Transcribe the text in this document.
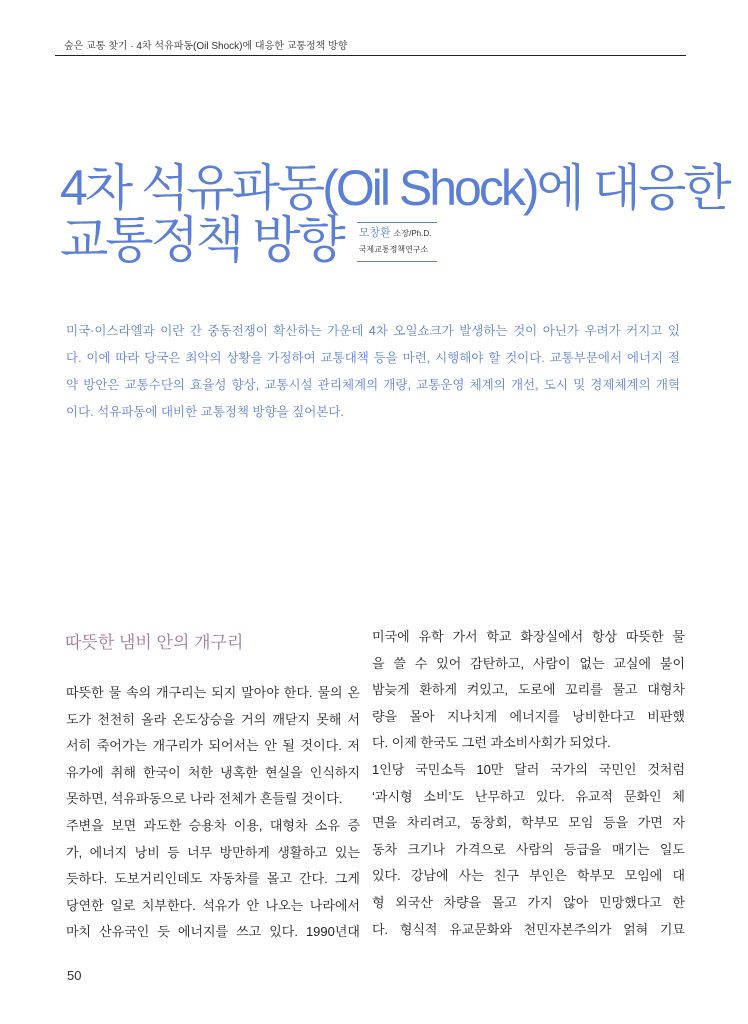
숲은 교통 찾기 · 4차 석유파동(Oil Shock)에 대응한 교통정책 방향
4차 석유파동(Oil Shock)에 대응한
교통정책 방향 모창환 소장/Ph.D.
국제교통정책연구소
미국·이스라엘과 이란 간 중동전쟁이 확산하는 가운데 4차 오일쇼크가 발생하는 것이 아닌가 우려가 커지고 있
다. 이에 따라 당국은 최악의 상황을 가정하여 교통대책 등을 마련, 시행해야 할 것이다. 교통부문에서 에너지 절
약 방안은 교통수단의 효율성 향상, 교통시설 관리체계의 개량, 교통운영 체계의 개선, 도시 및 경제체계의 개혁
이다. 석유파동에 대비한 교통정책 방향을 짚어본다.
따뜻한 냄비 안의 개구리
따뜻한 물 속의 개구리는 되지 말아야 한다. 물의 온
도가 천천히 올라 온도상승을 거의 깨닫지 못해 서
서히 죽어가는 개구리가 되어서는 안 될 것이다. 저
유가에 취해 한국이 처한 냉혹한 현실을 인식하지
못하면, 석유파동으로 나라 전체가 흔들릴 것이다.
주변을 보면 과도한 승용차 이용, 대형차 소유 증
가, 에너지 낭비 등 너무 방만하게 생활하고 있는
듯하다. 도보거리인데도 자동차를 몰고 간다. 그게
당연한 일로 치부한다. 석유가 안 나오는 나라에서
마치 산유국인 듯 에너지를 쓰고 있다. 1990년대
미국에 유학 가서 학교 화장실에서 항상 따뜻한 물
을 쓸 수 있어 감탄하고, 사람이 없는 교실에 불이
밤늦게 환하게 켜있고, 도로에 꼬리를 물고 대형차
량을 몰아 지나치게 에너지를 낭비한다고 비판했
다. 이제 한국도 그런 과소비사회가 되었다.
1인당 국민소득 10만 달러 국가의 국민인 것처럼
‘과시형 소비’도 난무하고 있다. 유교적 문화인 체
면을 차리려고, 동창회, 학부모 모임 등을 가면 자
동차 크기나 가격으로 사람의 등급을 매기는 일도
있다. 강남에 사는 친구 부인은 학부모 모임에 대
형 외국산 차량을 몰고 가지 않아 민망했다고 한
다. 형식적 유교문화와 천민자본주의가 얽혀 기묘
50
